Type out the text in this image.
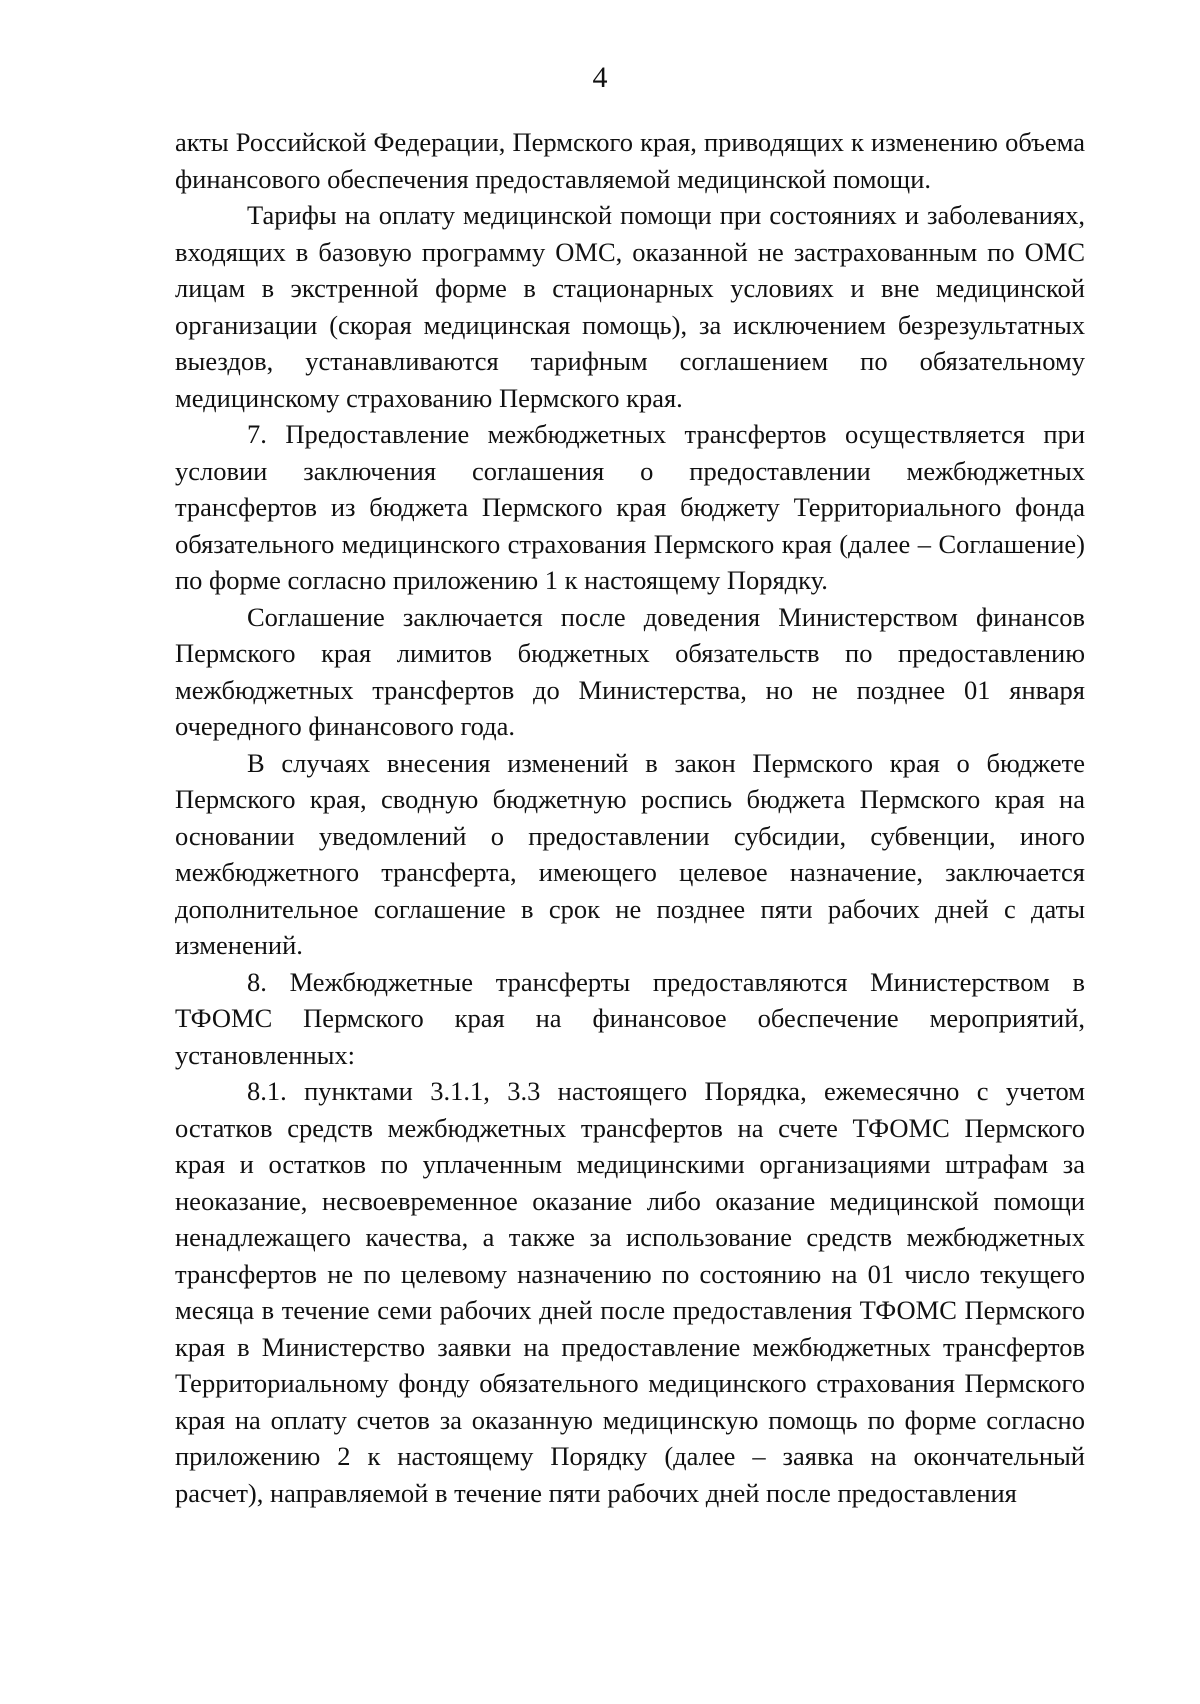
4

акты Российской Федерации, Пермского края, приводящих к изменению объема финансового обеспечения предоставляемой медицинской помощи.

Тарифы на оплату медицинской помощи при состояниях и заболеваниях, входящих в базовую программу ОМС, оказанной не застрахованным по ОМС лицам в экстренной форме в стационарных условиях и вне медицинской организации (скорая медицинская помощь), за исключением безрезультатных выездов, устанавливаются тарифным соглашением по обязательному медицинскому страхованию Пермского края.

7. Предоставление межбюджетных трансфертов осуществляется при условии заключения соглашения о предоставлении межбюджетных трансфертов из бюджета Пермского края бюджету Территориального фонда обязательного медицинского страхования Пермского края (далее – Соглашение) по форме согласно приложению 1 к настоящему Порядку.

Соглашение заключается после доведения Министерством финансов Пермского края лимитов бюджетных обязательств по предоставлению межбюджетных трансфертов до Министерства, но не позднее 01 января очередного финансового года.

В случаях внесения изменений в закон Пермского края о бюджете Пермского края, сводную бюджетную роспись бюджета Пермского края на основании уведомлений о предоставлении субсидии, субвенции, иного межбюджетного трансферта, имеющего целевое назначение, заключается дополнительное соглашение в срок не позднее пяти рабочих дней с даты изменений.

8. Межбюджетные трансферты предоставляются Министерством в ТФОМС Пермского края на финансовое обеспечение мероприятий, установленных:

8.1. пунктами 3.1.1, 3.3 настоящего Порядка, ежемесячно с учетом остатков средств межбюджетных трансфертов на счете ТФОМС Пермского края и остатков по уплаченным медицинскими организациями штрафам за неоказание, несвоевременное оказание либо оказание медицинской помощи ненадлежащего качества, а также за использование средств межбюджетных трансфертов не по целевому назначению по состоянию на 01 число текущего месяца в течение семи рабочих дней после предоставления ТФОМС Пермского края в Министерство заявки на предоставление межбюджетных трансфертов Территориальному фонду обязательного медицинского страхования Пермского края на оплату счетов за оказанную медицинскую помощь по форме согласно приложению 2 к настоящему Порядку (далее – заявка на окончательный расчет), направляемой в течение пяти рабочих дней после предоставления
